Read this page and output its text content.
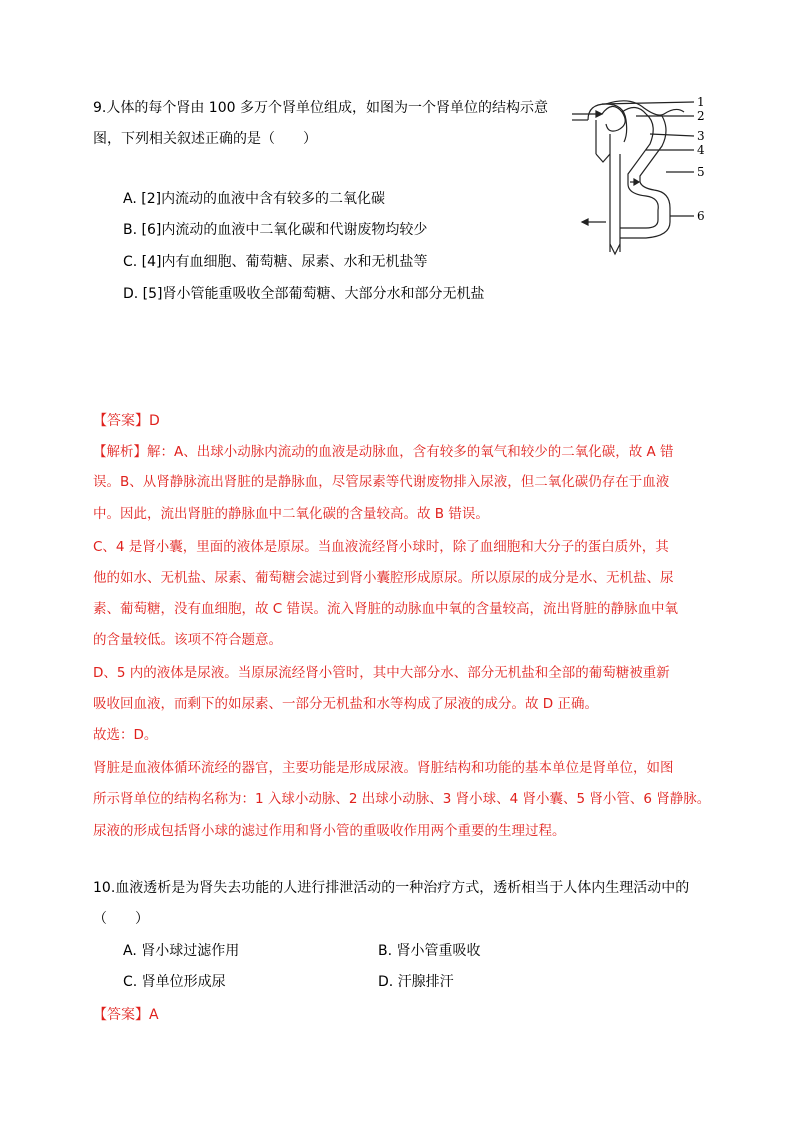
9.人体的每个肾由 100 多万个肾单位组成，如图为一个肾单位的结构示意
图，下列相关叙述正确的是（　　）
A. [2]内流动的血液中含有较多的二氧化碳
B. [6]内流动的血液中二氧化碳和代谢废物均较少
C. [4]内有血细胞、葡萄糖、尿素、水和无机盐等
D. [5]肾小管能重吸收全部葡萄糖、大部分水和部分无机盐
1
2
3
4
5
6
【答案】D
【解析】解：A、出球小动脉内流动的血液是动脉血，含有较多的氧气和较少的二氧化碳，故 A 错
误。B、从肾静脉流出肾脏的是静脉血，尽管尿素等代谢废物排入尿液，但二氧化碳仍存在于血液
中。因此，流出肾脏的静脉血中二氧化碳的含量较高。故 B 错误。
C、4 是肾小囊，里面的液体是原尿。当血液流经肾小球时，除了血细胞和大分子的蛋白质外，其
他的如水、无机盐、尿素、葡萄糖会滤过到肾小囊腔形成原尿。所以原尿的成分是水、无机盐、尿
素、葡萄糖，没有血细胞，故 C 错误。流入肾脏的动脉血中氧的含量较高，流出肾脏的静脉血中氧
的含量较低。该项不符合题意。
D、5 内的液体是尿液。当原尿流经肾小管时，其中大部分水、部分无机盐和全部的葡萄糖被重新
吸收回血液，而剩下的如尿素、一部分无机盐和水等构成了尿液的成分。故 D 正确。
故选：D。
肾脏是血液体循环流经的器官，主要功能是形成尿液。肾脏结构和功能的基本单位是肾单位，如图
所示肾单位的结构名称为：1 入球小动脉、2 出球小动脉、3 肾小球、4 肾小囊、5 肾小管、6 肾静脉。
尿液的形成包括肾小球的滤过作用和肾小管的重吸收作用两个重要的生理过程。
10.血液透析是为肾失去功能的人进行排泄活动的一种治疗方式，透析相当于人体内生理活动中的
（　　）
A. 肾小球过滤作用	B. 肾小管重吸收
C. 肾单位形成尿	D. 汗腺排汗
【答案】A
